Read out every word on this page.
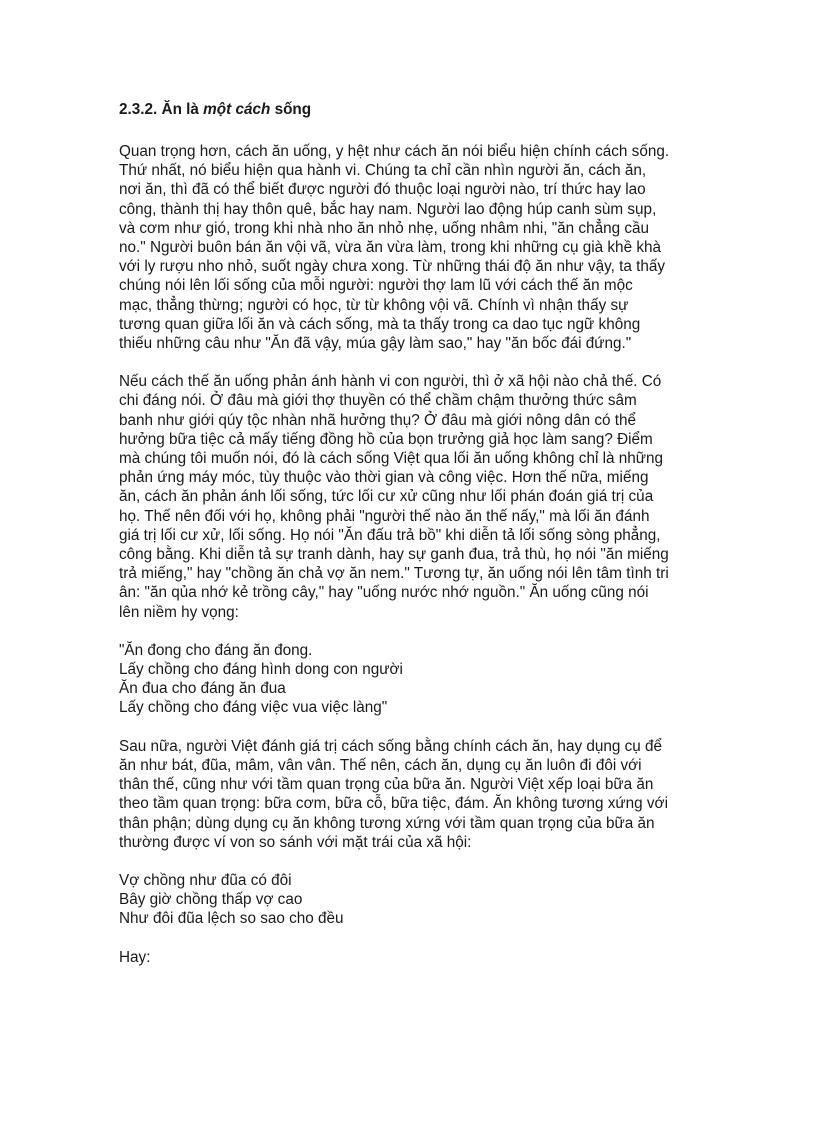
2.3.2. Ăn là một cách sống
Quan trọng hơn, cách ăn uống, y hệt như cách ăn nói biểu hiện chính cách sống.
Thứ nhất, nó biểu hiện qua hành vi. Chúng ta chỉ cần nhìn người ăn, cách ăn,
nơi ăn, thì đã có thể biết được người đó thuộc loại người nào, trí thức hay lao
công, thành thị hay thôn quê, bắc hay nam. Người lao động húp canh sùm sụp,
và cơm như gió, trong khi nhà nho ăn nhỏ nhẹ, uống nhâm nhi, "ăn chẳng cầu
no." Người buôn bán ăn vội vã, vừa ăn vừa làm, trong khi những cụ già khề khà
với ly rượu nho nhỏ, suốt ngày chưa xong. Từ những thái độ ăn như vậy, ta thấy
chúng nói lên lối sống của mỗi người: người thợ lam lũ với cách thế ăn mộc
mạc, thẳng thừng; người có học, từ từ không vội vã. Chính vì nhận thấy sự
tương quan giữa lối ăn và cách sống, mà ta thấy trong ca dao tục ngữ không
thiếu những câu như "Ăn đã vậy, múa gậy làm sao," hay "ăn bốc đái đứng."
Nếu cách thế ăn uống phản ánh hành vi con người, thì ở xã hội nào chả thế. Có
chi đáng nói. Ở đâu mà giới thợ thuyền có thể chầm chậm thưởng thức sâm
banh như giới qúy tộc nhàn nhã hưởng thụ? Ở đâu mà giới nông dân có thể
hưởng bữa tiệc cả mấy tiếng đồng hồ của bọn trưởng giả học làm sang? Điểm
mà chúng tôi muốn nói, đó là cách sống Việt qua lối ăn uống không chỉ là những
phản ứng máy móc, tùy thuộc vào thời gian và công việc. Hơn thế nữa, miếng
ăn, cách ăn phản ánh lối sống, tức lối cư xử cũng như lối phán đoán giá trị của
họ. Thế nên đối với họ, không phải "người thế nào ăn thế nấy," mà lối ăn đánh
giá trị lối cư xử, lối sống. Họ nói "Ăn đấu trả bồ" khi diễn tả lối sống sòng phẳng,
công bằng. Khi diễn tả sự tranh dành, hay sự ganh đua, trả thù, họ nói "ăn miếng
trả miếng," hay "chồng ăn chả vợ ăn nem." Tương tự, ăn uống nói lên tâm tình tri
ân: "ăn qủa nhớ kẻ trồng cây," hay "uống nước nhớ nguồn." Ăn uống cũng nói
lên niềm hy vọng:
"Ăn đong cho đáng ăn đong.
Lấy chồng cho đáng hình dong con người
Ăn đua cho đáng ăn đua
Lấy chồng cho đáng việc vua việc làng"
Sau nữa, người Việt đánh giá trị cách sống bằng chính cách ăn, hay dụng cụ để
ăn như bát, đũa, mâm, vân vân. Thế nên, cách ăn, dụng cụ ăn luôn đi đôi với
thân thế, cũng như với tầm quan trọng của bữa ăn. Người Việt xếp loại bữa ăn
theo tầm quan trọng: bữa cơm, bữa cỗ, bữa tiệc, đám. Ăn không tương xứng với
thân phận; dùng dụng cụ ăn không tương xứng với tầm quan trọng của bữa ăn
thường được ví von so sánh với mặt trái của xã hội:
Vợ chồng như đũa có đôi
Bây giờ chồng thấp vợ cao
Như đôi đũa lệch so sao cho đều
Hay:
